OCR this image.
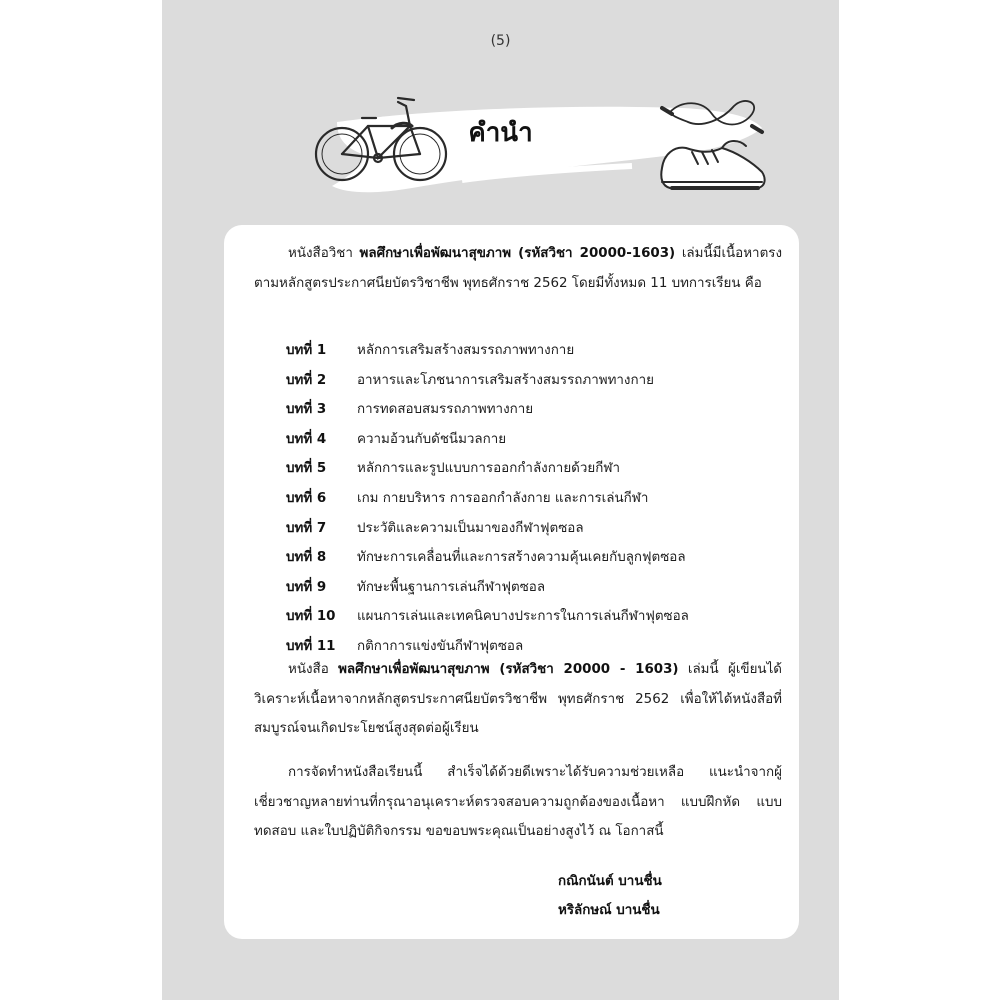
(5)
คำนำ

หนังสือวิชา พลศึกษาเพื่อพัฒนาสุขภาพ (รหัสวิชา 20000-1603) เล่มนี้มีเนื้อหาตรงตามหลักสูตรประกาศนียบัตรวิชาชีพ พุทธศักราช 2562 โดยมีทั้งหมด 11 บทการเรียน คือ

บทที่ 1 หลักการเสริมสร้างสมรรถภาพทางกาย
บทที่ 2 อาหารและโภชนาการเสริมสร้างสมรรถภาพทางกาย
บทที่ 3 การทดสอบสมรรถภาพทางกาย
บทที่ 4 ความอ้วนกับดัชนีมวลกาย
บทที่ 5 หลักการและรูปแบบการออกกำลังกายด้วยกีฬา
บทที่ 6 เกม กายบริหาร การออกกำลังกาย และการเล่นกีฬา
บทที่ 7 ประวัติและความเป็นมาของกีฬาฟุตซอล
บทที่ 8 ทักษะการเคลื่อนที่และการสร้างความคุ้นเคยกับลูกฟุตซอล
บทที่ 9 ทักษะพื้นฐานการเล่นกีฬาฟุตซอล
บทที่ 10 แผนการเล่นและเทคนิคบางประการในการเล่นกีฬาฟุตซอล
บทที่ 11 กติกาการแข่งขันกีฬาฟุตซอล

หนังสือ พลศึกษาเพื่อพัฒนาสุขภาพ (รหัสวิชา 20000 - 1603) เล่มนี้ ผู้เขียนได้วิเคราะห์เนื้อหาจากหลักสูตรประกาศนียบัตรวิชาชีพ พุทธศักราช 2562 เพื่อให้ได้หนังสือที่สมบูรณ์จนเกิดประโยชน์สูงสุดต่อผู้เรียน

การจัดทำหนังสือเรียนนี้ สำเร็จได้ด้วยดีเพราะได้รับความช่วยเหลือ แนะนำจากผู้เชี่ยวชาญหลายท่านที่กรุณาอนุเคราะห์ตรวจสอบความถูกต้องของเนื้อหา แบบฝึกหัด แบบทดสอบ และใบปฏิบัติกิจกรรม ขอขอบพระคุณเป็นอย่างสูงไว้ ณ โอกาสนี้

กณิกนันต์ บานชื่น
หริลักษณ์ บานชื่น
